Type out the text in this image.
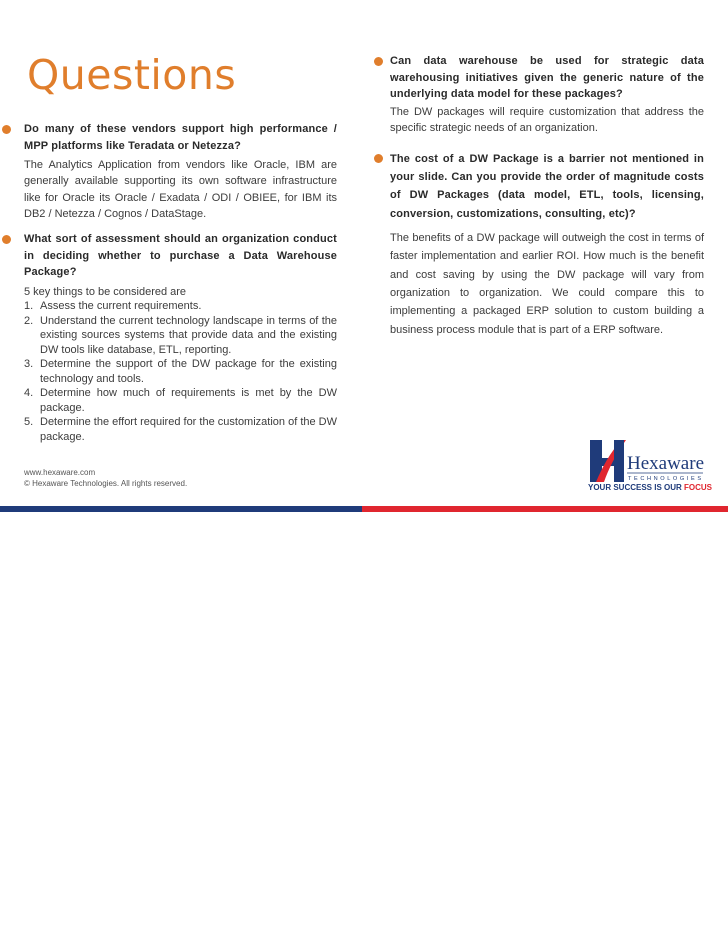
Questions

Do many of these vendors support high performance / MPP platforms like Teradata or Netezza?

The Analytics Application from vendors like Oracle, IBM are generally available supporting its own software infrastructure like for Oracle its Oracle / Exadata / ODI / OBIEE, for IBM its DB2 / Netezza / Cognos / DataStage.

What sort of assessment should an organization conduct in deciding whether to purchase a Data Warehouse Package?

5 key things to be considered are

1. Assess the current requirements.
2. Understand the current technology landscape in terms of the existing sources systems that provide data and the existing DW tools like database, ETL, reporting.
3. Determine the support of the DW package for the existing technology and tools.
4. Determine how much of requirements is met by the DW package.
5. Determine the effort required for the customization of the DW package.

Can data warehouse be used for strategic data warehousing initiatives given the generic nature of the underlying data model for these packages?

The DW packages will require customization that address the specific strategic needs of an organization.

The cost of a DW Package is a barrier not mentioned in your slide. Can you provide the order of magnitude costs of DW Packages (data model, ETL, tools, licensing, conversion, customizations, consulting, etc)?

The benefits of a DW package will outweigh the cost in terms of faster implementation and earlier ROI. How much is the benefit and cost saving by using the DW package will vary from organization to organization. We could compare this to implementing a packaged ERP solution to custom building a business process module that is part of a ERP software.

www.hexaware.com
© Hexaware Technologies. All rights reserved.
Hexaware
TECHNOLOGIES
YOUR SUCCESS IS OUR FOCUS
